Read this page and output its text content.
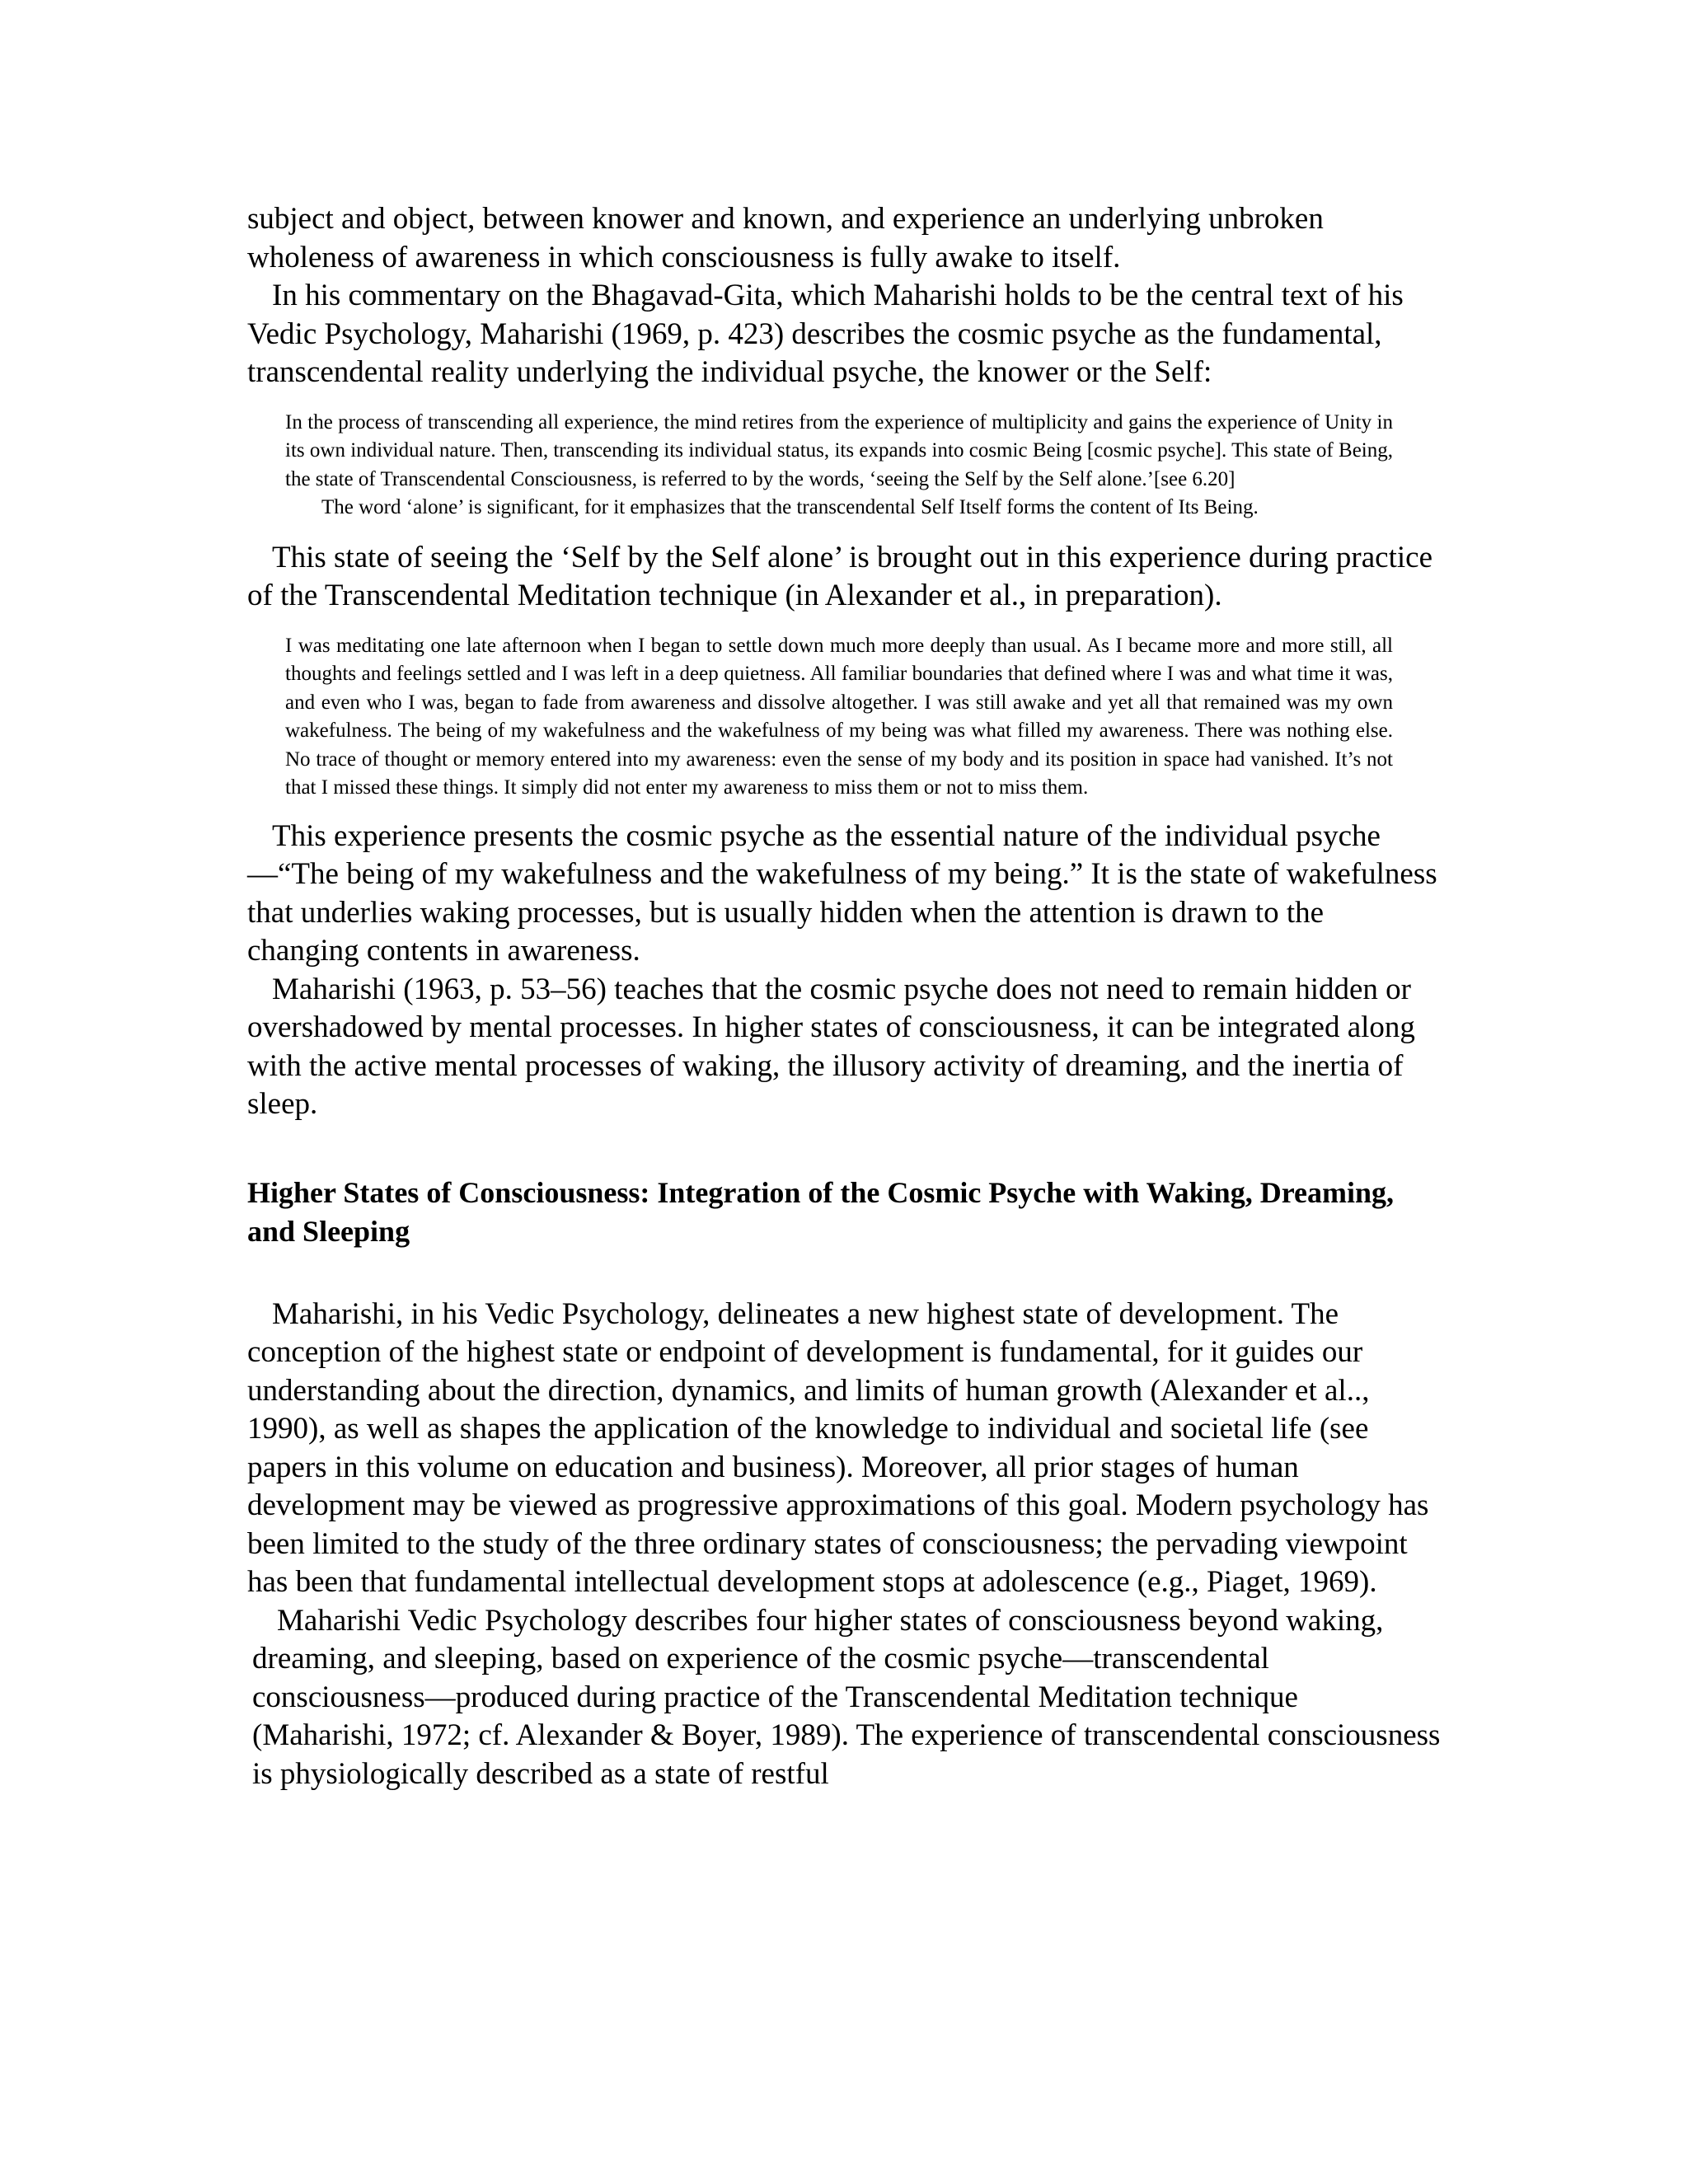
subject and object, between knower and known, and experience an underlying unbroken wholeness of awareness in which consciousness is fully awake to itself.

In his commentary on the Bhagavad-Gita, which Maharishi holds to be the central text of his Vedic Psychology, Maharishi (1969, p. 423) describes the cosmic psyche as the fundamental, transcendental reality underlying the individual psyche, the knower or the Self:

In the process of transcending all experience, the mind retires from the experience of multiplicity and gains the experience of Unity in its own individual nature. Then, transcending its individual status, its expands into cosmic Being [cosmic psyche]. This state of Being, the state of Transcendental Consciousness, is referred to by the words, ‘seeing the Self by the Self alone.’[see 6.20]

The word ‘alone’ is significant, for it emphasizes that the transcendental Self Itself forms the content of Its Being.

This state of seeing the ‘Self by the Self alone’ is brought out in this experience during practice of the Transcendental Meditation technique (in Alexander et al., in preparation).

I was meditating one late afternoon when I began to settle down much more deeply than usual. As I became more and more still, all thoughts and feelings settled and I was left in a deep quietness. All familiar boundaries that defined where I was and what time it was, and even who I was, began to fade from awareness and dissolve altogether. I was still awake and yet all that remained was my own wakefulness. The being of my wakefulness and the wakefulness of my being was what filled my awareness. There was nothing else. No trace of thought or memory entered into my awareness: even the sense of my body and its position in space had vanished. It’s not that I missed these things. It simply did not enter my awareness to miss them or not to miss them.

This experience presents the cosmic psyche as the essential nature of the individual psyche—“The being of my wakefulness and the wakefulness of my being.” It is the state of wakefulness that underlies waking processes, but is usually hidden when the attention is drawn to the changing contents in awareness.

Maharishi (1963, p. 53–56) teaches that the cosmic psyche does not need to remain hidden or overshadowed by mental processes. In higher states of consciousness, it can be integrated along with the active mental processes of waking, the illusory activity of dreaming, and the inertia of sleep.

Higher States of Consciousness: Integration of the Cosmic Psyche with Waking, Dreaming, and Sleeping

Maharishi, in his Vedic Psychology, delineates a new highest state of development. The conception of the highest state or endpoint of development is fundamental, for it guides our understanding about the direction, dynamics, and limits of human growth (Alexander et al.., 1990), as well as shapes the application of the knowledge to individual and societal life (see papers in this volume on education and business). Moreover, all prior stages of human development may be viewed as progressive approximations of this goal. Modern psychology has been limited to the study of the three ordinary states of consciousness; the pervading viewpoint has been that fundamental intellectual development stops at adolescence (e.g., Piaget, 1969).

Maharishi Vedic Psychology describes four higher states of consciousness beyond waking, dreaming, and sleeping, based on experience of the cosmic psyche—transcendental consciousness—produced during practice of the Transcendental Meditation technique (Maharishi, 1972; cf. Alexander & Boyer, 1989). The experience of transcendental consciousness is physiologically described as a state of restful
